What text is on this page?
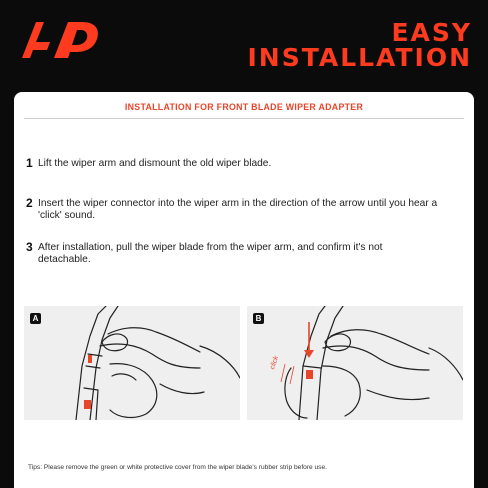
EASY
INSTALLATION
INSTALLATION FOR FRONT BLADE WIPER ADAPTER
1 Lift the wiper arm and dismount the old wiper blade.
2 Insert the wiper connector into the wiper arm in the direction of the arrow until you hear a 'click' sound.
3 After installation, pull the wiper blade from the wiper arm, and confirm it's not detachable.
A	B
click
Tips: Please remove the green or white protective cover from the wiper blade's rubber strip before use.
